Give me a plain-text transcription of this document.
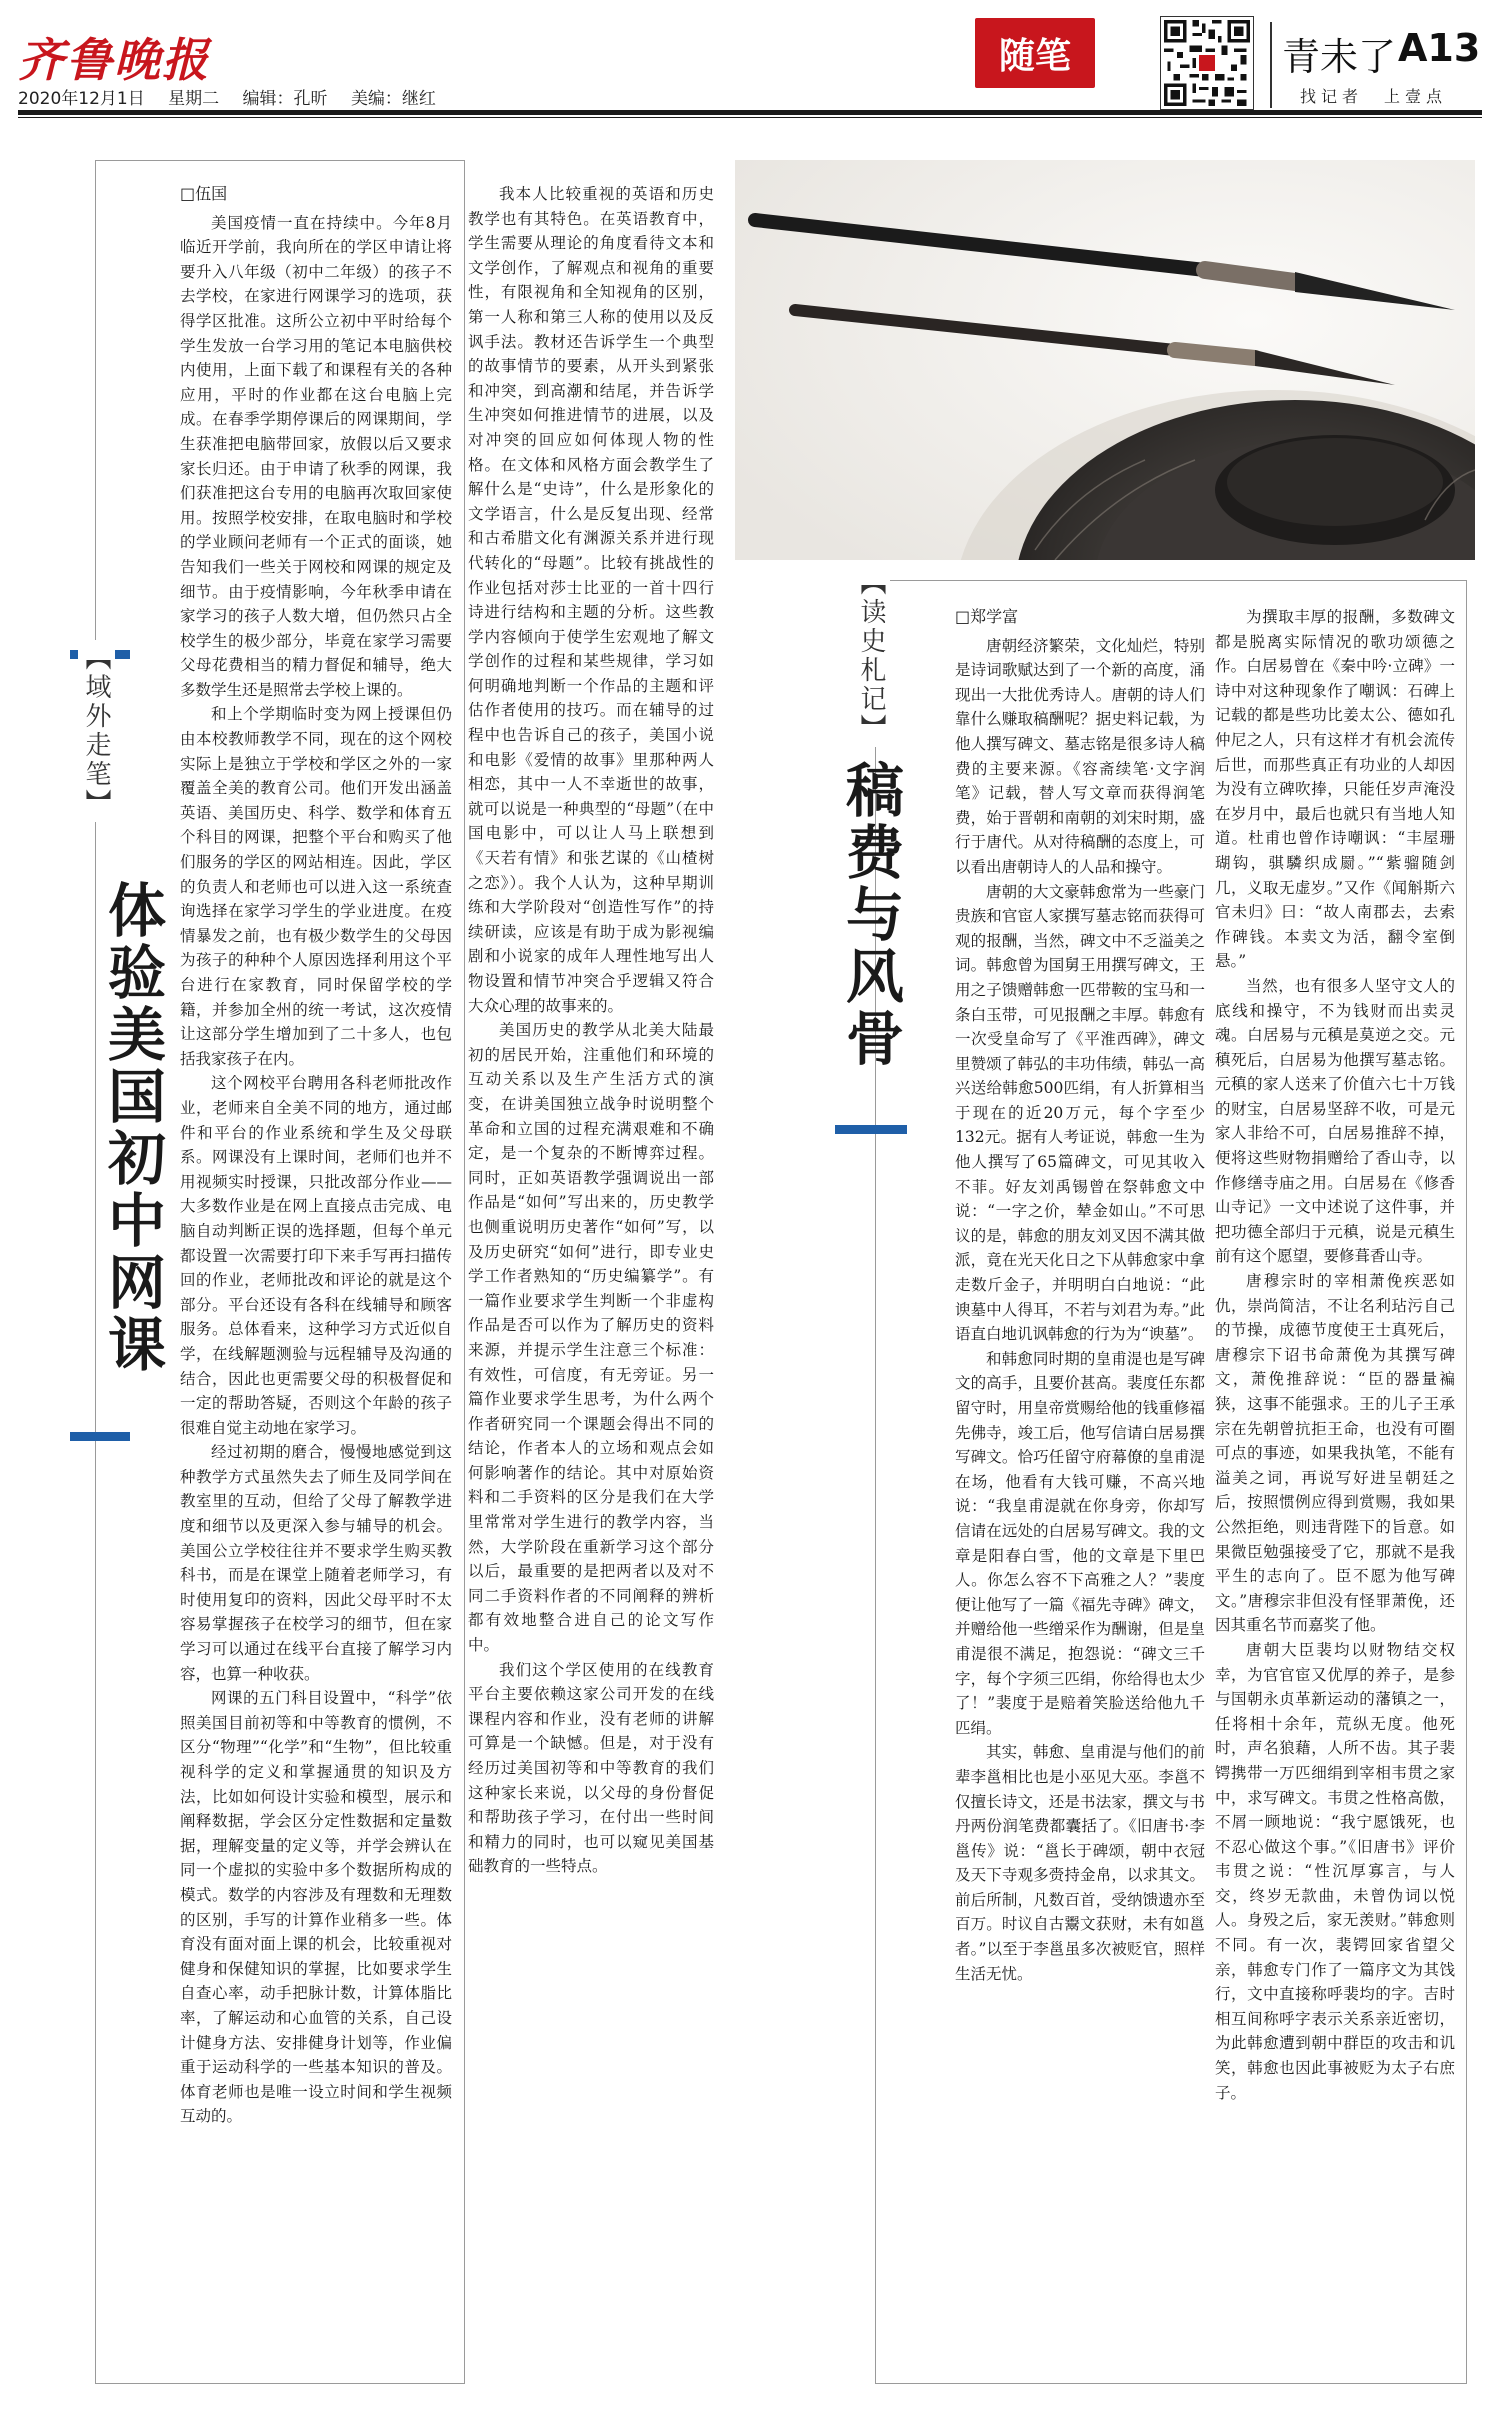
齐鲁晚报
2020年12月1日 星期二 编辑：孔昕 美编：继红
随笔	青未了 A13
找记者　上壹点
【域外走笔】
体验美国初中网课

□伍国

美国疫情一直在持续中。今年8月临近开学前，我向所在的学区申请让将要升入八年级（初中二年级）的孩子不去学校，在家进行网课学习的选项，获得学区批准。这所公立初中平时给每个学生发放一台学习用的笔记本电脑供校内使用，上面下载了和课程有关的各种应用，平时的作业都在这台电脑上完成。在春季学期停课后的网课期间，学生获准把电脑带回家，放假以后又要求家长归还。由于申请了秋季的网课，我们获准把这台专用的电脑再次取回家使用。按照学校安排，在取电脑时和学校的学业顾问老师有一个正式的面谈，她告知我们一些关于网校和网课的规定及细节。由于疫情影响，今年秋季申请在家学习的孩子人数大增，但仍然只占全校学生的极少部分，毕竟在家学习需要父母花费相当的精力督促和辅导，绝大多数学生还是照常去学校上课的。

和上个学期临时变为网上授课但仍由本校教师教学不同，现在的这个网校实际上是独立于学校和学区之外的一家覆盖全美的教育公司。他们开发出涵盖英语、美国历史、科学、数学和体育五个科目的网课，把整个平台和购买了他们服务的学区的网站相连。因此，学区的负责人和老师也可以进入这一系统查询选择在家学习学生的学业进度。在疫情暴发之前，也有极少数学生的父母因为孩子的种种个人原因选择利用这个平台进行在家教育，同时保留学校的学籍，并参加全州的统一考试，这次疫情让这部分学生增加到了二十多人，也包括我家孩子在内。

这个网校平台聘用各科老师批改作业，老师来自全美不同的地方，通过邮件和平台的作业系统和学生及父母联系。网课没有上课时间，老师们也并不用视频实时授课，只批改部分作业——大多数作业是在网上直接点击完成、电脑自动判断正误的选择题，但每个单元都设置一次需要打印下来手写再扫描传回的作业，老师批改和评论的就是这个部分。平台还设有各科在线辅导和顾客服务。总体看来，这种学习方式近似自学，在线解题测验与远程辅导及沟通的结合，因此也更需要父母的积极督促和一定的帮助答疑，否则这个年龄的孩子很难自觉主动地在家学习。

经过初期的磨合，慢慢地感觉到这种教学方式虽然失去了师生及同学间在教室里的互动，但给了父母了解教学进度和细节以及更深入参与辅导的机会。美国公立学校往往并不要求学生购买教科书，而是在课堂上随着老师学习，有时使用复印的资料，因此父母平时不太容易掌握孩子在校学习的细节，但在家学习可以通过在线平台直接了解学习内容，也算一种收获。

网课的五门科目设置中，“科学”依照美国目前初等和中等教育的惯例，不区分“物理”“化学”和“生物”，但比较重视科学的定义和掌握通贯的知识及方法，比如如何设计实验和模型，展示和阐释数据，学会区分定性数据和定量数据，理解变量的定义等，并学会辨认在同一个虚拟的实验中多个数据所构成的模式。数学的内容涉及有理数和无理数的区别，手写的计算作业稍多一些。体育没有面对面上课的机会，比较重视对健身和保健知识的掌握，比如要求学生自查心率，动手把脉计数，计算体脂比率，了解运动和心血管的关系，自己设计健身方法、安排健身计划等，作业偏重于运动科学的一些基本知识的普及。体育老师也是唯一设立时间和学生视频互动的。

我本人比较重视的英语和历史教学也有其特色。在英语教育中，学生需要从理论的角度看待文本和文学创作，了解观点和视角的重要性，有限视角和全知视角的区别，第一人称和第三人称的使用以及反讽手法。教材还告诉学生一个典型的故事情节的要素，从开头到紧张和冲突，到高潮和结尾，并告诉学生冲突如何推进情节的进展，以及对冲突的回应如何体现人物的性格。在文体和风格方面会教学生了解什么是“史诗”，什么是形象化的文学语言，什么是反复出现、经常和古希腊文化有渊源关系并进行现代转化的“母题”。比较有挑战性的作业包括对莎士比亚的一首十四行诗进行结构和主题的分析。这些教学内容倾向于使学生宏观地了解文学创作的过程和某些规律，学习如何明确地判断一个作品的主题和评估作者使用的技巧。而在辅导的过程中也告诉自己的孩子，美国小说和电影《爱情的故事》里那种两人相恋，其中一人不幸逝世的故事，就可以说是一种典型的“母题”（在中国电影中，可以让人马上联想到《天若有情》和张艺谋的《山楂树之恋》）。我个人认为，这种早期训练和大学阶段对“创造性写作”的持续研读，应该是有助于成为影视编剧和小说家的成年人理性地写出人物设置和情节冲突合乎逻辑又符合大众心理的故事来的。

美国历史的教学从北美大陆最初的居民开始，注重他们和环境的互动关系以及生产生活方式的演变，在讲美国独立战争时说明整个革命和立国的过程充满艰难和不确定，是一个复杂的不断博弈过程。同时，正如英语教学强调说出一部作品是“如何”写出来的，历史教学也侧重说明历史著作“如何”写，以及历史研究“如何”进行，即专业史学工作者熟知的“历史编纂学”。有一篇作业要求学生判断一个非虚构作品是否可以作为了解历史的资料来源，并提示学生注意三个标准：有效性，可信度，有无旁证。另一篇作业要求学生思考，为什么两个作者研究同一个课题会得出不同的结论，作者本人的立场和观点会如何影响著作的结论。其中对原始资料和二手资料的区分是我们在大学里常常对学生进行的教学内容，当然，大学阶段在重新学习这个部分以后，最重要的是把两者以及对不同二手资料作者的不同阐释的辨析都有效地整合进自己的论文写作中。

我们这个学区使用的在线教育平台主要依赖这家公司开发的在线课程内容和作业，没有老师的讲解可算是一个缺憾。但是，对于没有经历过美国初等和中等教育的我们这种家长来说，以父母的身份督促和帮助孩子学习，在付出一些时间和精力的同时，也可以窥见美国基础教育的一些特点。

【读史札记】
稿费与风骨

□郑学富

唐朝经济繁荣，文化灿烂，特别是诗词歌赋达到了一个新的高度，涌现出一大批优秀诗人。唐朝的诗人们靠什么赚取稿酬呢？据史料记载，为他人撰写碑文、墓志铭是很多诗人稿费的主要来源。《容斋续笔·文字润笔》记载，替人写文章而获得润笔费，始于晋朝和南朝的刘宋时期，盛行于唐代。从对待稿酬的态度上，可以看出唐朝诗人的人品和操守。

唐朝的大文豪韩愈常为一些豪门贵族和官宦人家撰写墓志铭而获得可观的报酬，当然，碑文中不乏溢美之词。韩愈曾为国舅王用撰写碑文，王用之子馈赠韩愈一匹带鞍的宝马和一条白玉带，可见报酬之丰厚。韩愈有一次受皇命写了《平淮西碑》，碑文里赞颂了韩弘的丰功伟绩，韩弘一高兴送给韩愈500匹绢，有人折算相当于现在的近20万元，每个字至少132元。据有人考证说，韩愈一生为他人撰写了65篇碑文，可见其收入不菲。好友刘禹锡曾在祭韩愈文中说：“一字之价，辇金如山。”不可思议的是，韩愈的朋友刘叉因不满其做派，竟在光天化日之下从韩愈家中拿走数斤金子，并明明白白地说：“此谀墓中人得耳，不若与刘君为寿。”此语直白地讥讽韩愈的行为为“谀墓”。

和韩愈同时期的皇甫湜也是写碑文的高手，且要价甚高。裴度任东都留守时，用皇帝赏赐给他的钱重修福先佛寺，竣工后，他写信请白居易撰写碑文。恰巧任留守府幕僚的皇甫湜在场，他看有大钱可赚，不高兴地说：“我皇甫湜就在你身旁，你却写信请在远处的白居易写碑文。我的文章是阳春白雪，他的文章是下里巴人。你怎么容不下高雅之人？”裴度便让他写了一篇《福先寺碑》碑文，并赠给他一些缯采作为酬谢，但是皇甫湜很不满足，抱怨说：“碑文三千字，每个字须三匹绢，你给得也太少了！”裴度于是赔着笑脸送给他九千匹绢。

其实，韩愈、皇甫湜与他们的前辈李邕相比也是小巫见大巫。李邕不仅擅长诗文，还是书法家，撰文与书丹两份润笔费都囊括了。《旧唐书·李邕传》说：“邕长于碑颂，朝中衣冠及天下寺观多赍持金帛，以求其文。前后所制，凡数百首，受纳馈遗亦至百万。时议自古鬻文获财，未有如邕者。”以至于李邕虽多次被贬官，照样生活无忧。

为撰取丰厚的报酬，多数碑文都是脱离实际情况的歌功颂德之作。白居易曾在《秦中吟·立碑》一诗中对这种现象作了嘲讽：石碑上记载的都是些功比姜太公、德如孔仲尼之人，只有这样才有机会流传后世，而那些真正有功业的人却因为没有立碑吹捧，只能任岁声淹没在岁月中，最后也就只有当地人知道。杜甫也曾作诗嘲讽：“丰屋珊瑚钩，骐驎织成罽。”“紫骝随剑几，义取无虚岁。”又作《闻斛斯六官未归》曰：“故人南郡去，去索作碑钱。本卖文为活，翻令室倒悬。”

当然，也有很多人坚守文人的底线和操守，不为钱财而出卖灵魂。白居易与元稹是莫逆之交。元稹死后，白居易为他撰写墓志铭。元稹的家人送来了价值六七十万钱的财宝，白居易坚辞不收，可是元家人非给不可，白居易推辞不掉，便将这些财物捐赠给了香山寺，以作修缮寺庙之用。白居易在《修香山寺记》一文中述说了这件事，并把功德全部归于元稹，说是元稹生前有这个愿望，要修葺香山寺。

唐穆宗时的宰相萧俛疾恶如仇，崇尚简洁，不让名利玷污自己的节操，成德节度使王士真死后，唐穆宗下诏书命萧俛为其撰写碑文，萧俛推辞说：“臣的器量褊狭，这事不能强求。王的儿子王承宗在先朝曾抗拒王命，也没有可圈可点的事迹，如果我执笔，不能有溢美之词，再说写好进呈朝廷之后，按照惯例应得到赏赐，我如果公然拒绝，则违背陛下的旨意。如果微臣勉强接受了它，那就不是我平生的志向了。臣不愿为他写碑文。”唐穆宗非但没有怪罪萧俛，还因其重名节而嘉奖了他。

唐朝大臣裴均以财物结交权幸，为官官宦又优厚的养子，是参与国朝永贞革新运动的藩镇之一，任将相十余年，荒纵无度。他死时，声名狼藉，人所不齿。其子裴锷携带一万匹细绢到宰相韦贯之家中，求写碑文。韦贯之性格高傲，不屑一顾地说：“我宁愿饿死，也不忍心做这个事。”《旧唐书》评价韦贯之说：“性沉厚寡言，与人交，终岁无款曲，未曾伪词以悦人。身殁之后，家无羡财。”韩愈则不同。有一次，裴锷回家省望父亲，韩愈专门作了一篇序文为其饯行，文中直接称呼裴均的字。吉时相互间称呼字表示关系亲近密切，为此韩愈遭到朝中群臣的攻击和讥笑，韩愈也因此事被贬为太子右庶子。
